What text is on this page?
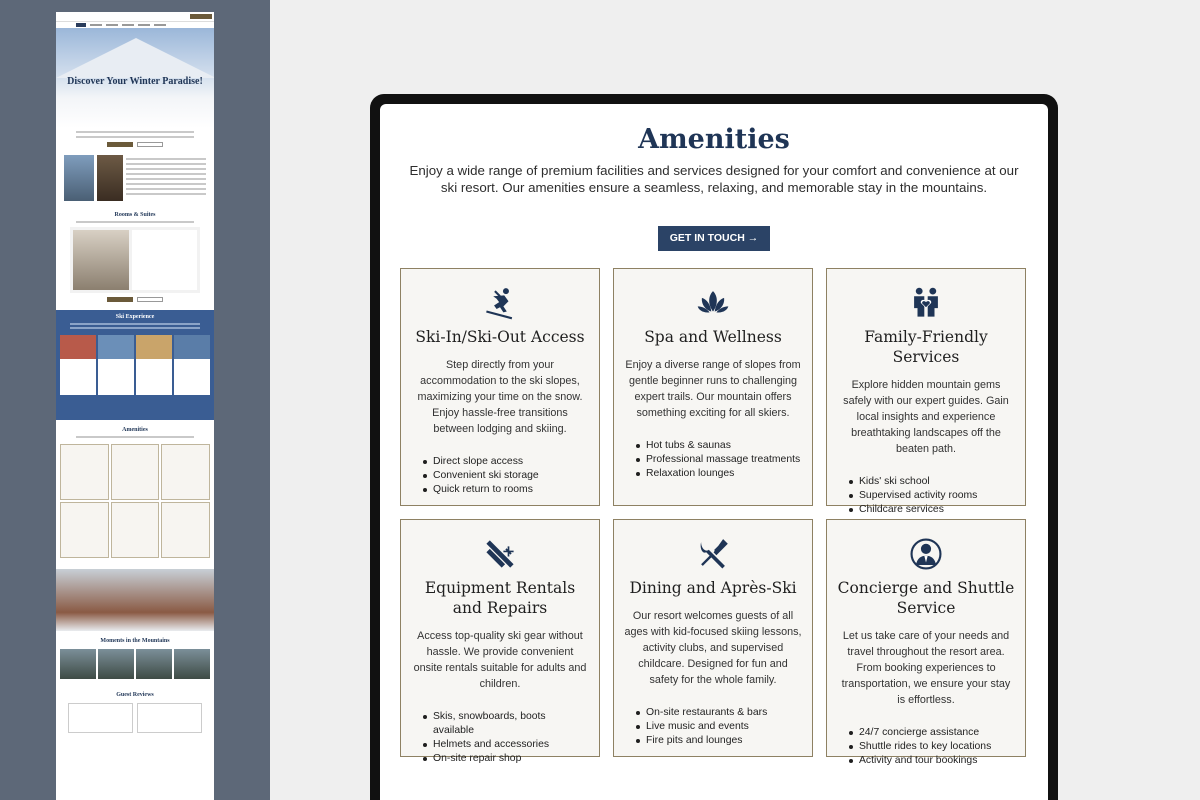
Discover Your Winter Paradise!
Rooms & Suites
Ski Experience
Amenities
Moments in the Mountains
Guest Reviews
Amenities

Enjoy a wide range of premium facilities and services designed for your comfort and convenience at our ski resort. Our amenities ensure a seamless, relaxing, and memorable stay in the mountains.

GET IN TOUCH →
Ski-In/Ski-Out Access

Step directly from your accommodation to the ski slopes, maximizing your time on the snow. Enjoy hassle-free transitions between lodging and skiing.

Direct slope access
Convenient ski storage
Quick return to rooms
Spa and Wellness

Enjoy a diverse range of slopes from gentle beginner runs to challenging expert trails. Our mountain offers something exciting for all skiers.

Hot tubs & saunas
Professional massage treatments
Relaxation lounges
Family-Friendly Services

Explore hidden mountain gems safely with our expert guides. Gain local insights and experience breathtaking landscapes off the beaten path.

Kids' ski school
Supervised activity rooms
Childcare services
Equipment Rentals and Repairs

Access top-quality ski gear without hassle. We provide convenient onsite rentals suitable for adults and children.

Skis, snowboards, boots available
Helmets and accessories
On-site repair shop
Dining and Après-Ski

Our resort welcomes guests of all ages with kid-focused skiing lessons, activity clubs, and supervised childcare. Designed for fun and safety for the whole family.

On-site restaurants & bars
Live music and events
Fire pits and lounges
Concierge and Shuttle Service

Let us take care of your needs and travel throughout the resort area. From booking experiences to transportation, we ensure your stay is effortless.

24/7 concierge assistance
Shuttle rides to key locations
Activity and tour bookings
